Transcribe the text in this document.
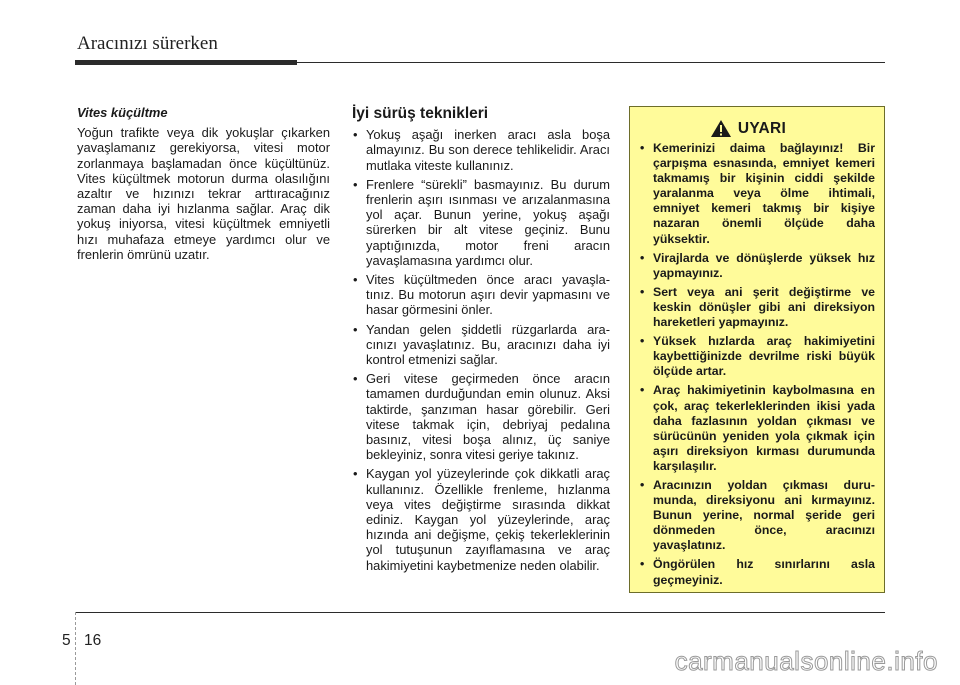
Aracınızı sürerken
Vites küçültme

Yoğun trafikte veya dik yokuşlar çıkarken yavaşlamanız gerekiyorsa, vitesi motor zorlanmaya başlamadan önce küçültünüz. Vites küçültmek motorun durma olasılığını azaltır ve hızınızı tekrar arttıracağınız zaman daha iyi hızlanma sağlar. Araç dik yokuş iniyorsa, vitesi küçültmek emniyetli hızı muhafaza etmeye yardımcı olur ve frenlerin ömrünü uzatır.

İyi sürüş teknikleri
• Yokuş aşağı inerken aracı asla boşa almayınız. Bu son derece tehlikelidir. Aracı mutlaka viteste kullanınız.
• Frenlere “sürekli” basmayınız. Bu durum frenlerin aşırı ısınması ve arızalanmasına yol açar. Bunun yerine, yokuş aşağı sürerken bir alt vitese geçiniz. Bunu yaptığınızda, motor freni aracın yavaşlamasına yardımcı olur.
• Vites küçültmeden önce aracı yavaşlatınız. Bu motorun aşırı devir yapmasını ve hasar görmesini önler.
• Yandan gelen şiddetli rüzgarlarda aracınızı yavaşlatınız. Bu, aracınızı daha iyi kontrol etmenizi sağlar.
• Geri vitese geçirmeden önce aracın tamamen durduğundan emin olunuz. Aksi taktirde, şanzıman hasar görebilir. Geri vitese takmak için, debriyaj pedalına basınız, vitesi boşa alınız, üç saniye bekleyiniz, sonra vitesi geriye takınız.
• Kaygan yol yüzeylerinde çok dikkatli araç kullanınız. Özellikle frenleme, hızlanma veya vites değiştirme sırasında dikkat ediniz. Kaygan yol yüzeylerinde, araç hızında ani değişme, çekiş tekerleklerinin yol tutuşunun zayıflamasına ve araç hakimiyetini kaybetmenize neden olabilir.
UYARI
• Kemerinizi daima bağlayınız! Bir çarpışma esnasında, emniyet kemeri takmamış bir kişinin ciddi şekilde yaralanma veya ölme ihtimali, emniyet kemeri takmış bir kişiye nazaran önemli ölçüde daha yüksektir.
• Virajlarda ve dönüşlerde yüksek hız yapmayınız.
• Sert veya ani şerit değiştirme ve keskin dönüşler gibi ani direksiyon hareketleri yapmayınız.
• Yüksek hızlarda araç hakimiyetini kaybettiğinizde devrilme riski büyük ölçüde artar.
• Araç hakimiyetinin kaybolmasına en çok, araç tekerleklerinden ikisi yada daha fazlasının yoldan çıkması ve sürücünün yeniden yola çıkmak için aşırı direksiyon kırması durumunda karşılaşılır.
• Aracınızın yoldan çıkması durumunda, direksiyonu ani kırmayınız. Bunun yerine, normal şeride geri dönmeden önce, aracınızı yavaşlatınız.
• Öngörülen hız sınırlarını asla geçmeyiniz.
5 16
carmanualsonline.info
